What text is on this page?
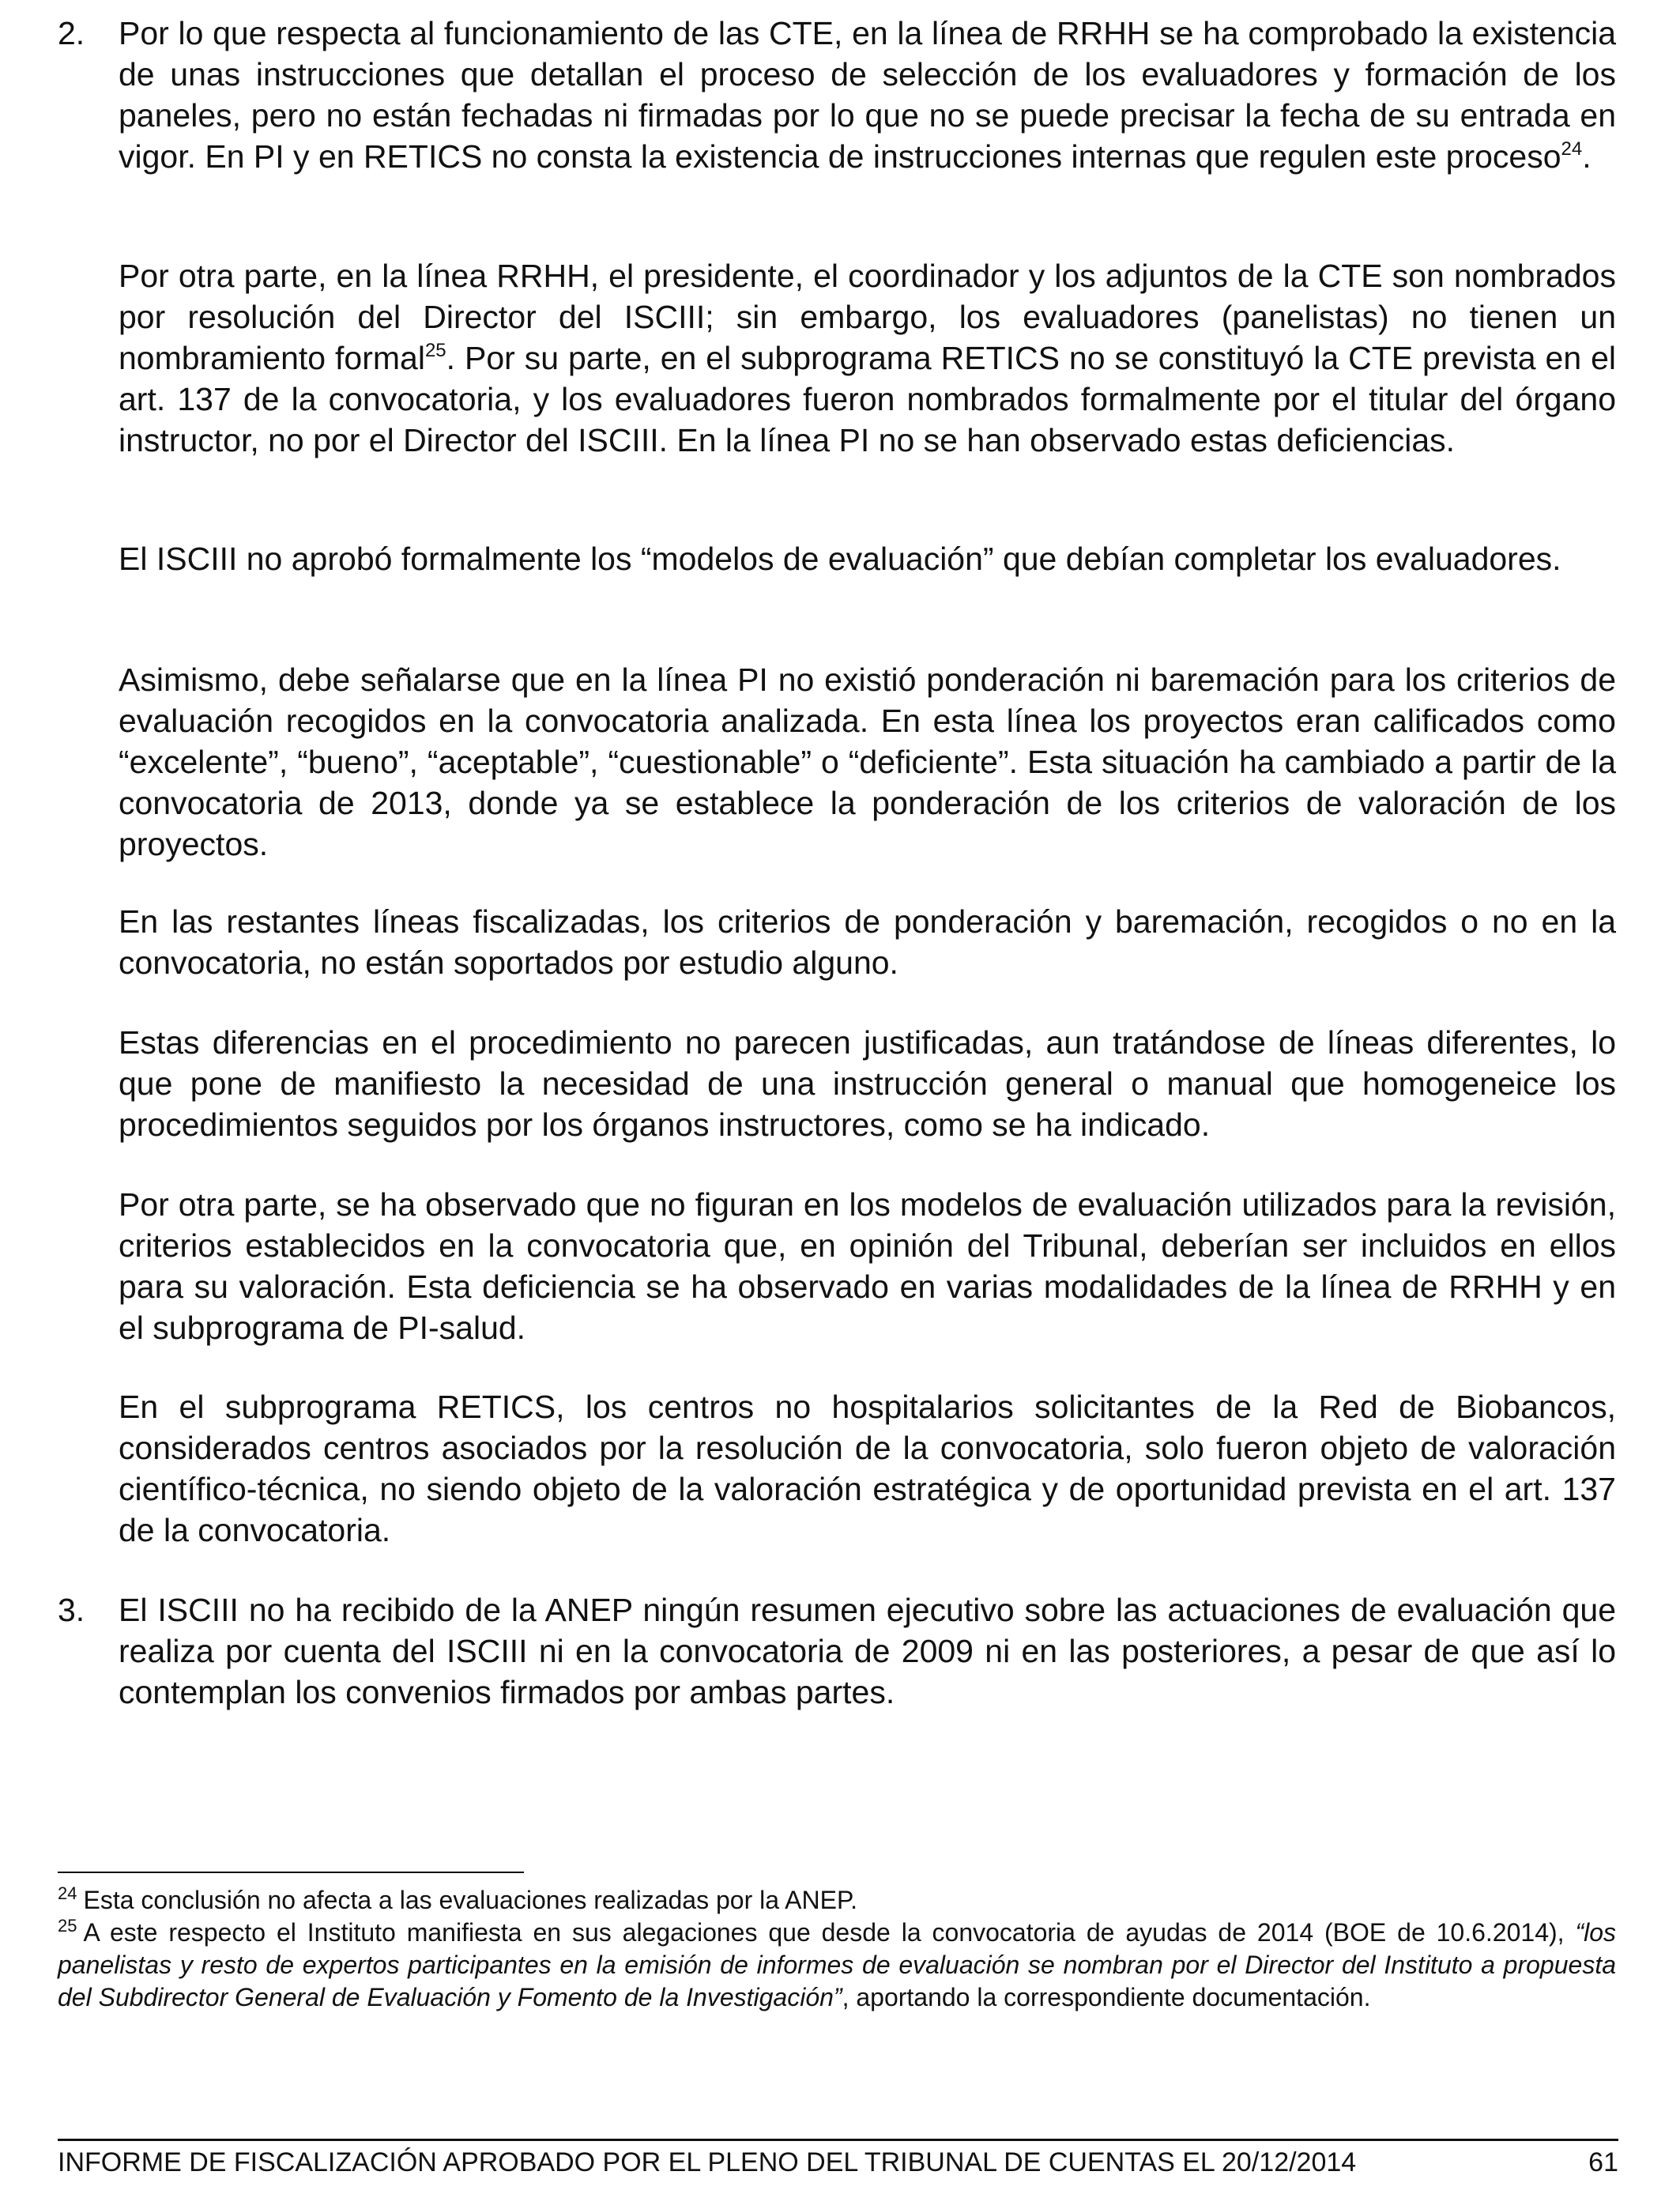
2. Por lo que respecta al funcionamiento de las CTE, en la línea de RRHH se ha comprobado la existencia de unas instrucciones que detallan el proceso de selección de los evaluadores y formación de los paneles, pero no están fechadas ni firmadas por lo que no se puede precisar la fecha de su entrada en vigor. En PI y en RETICS no consta la existencia de instrucciones internas que regulen este proceso$^{24}$.

Por otra parte, en la línea RRHH, el presidente, el coordinador y los adjuntos de la CTE son nombrados por resolución del Director del ISCIII; sin embargo, los evaluadores (panelistas) no tienen un nombramiento formal$^{25}$. Por su parte, en el subprograma RETICS no se constituyó la CTE prevista en el art. 137 de la convocatoria, y los evaluadores fueron nombrados formalmente por el titular del órgano instructor, no por el Director del ISCIII. En la línea PI no se han observado estas deficiencias.

El ISCIII no aprobó formalmente los “modelos de evaluación” que debían completar los evaluadores.

Asimismo, debe señalarse que en la línea PI no existió ponderación ni baremación para los criterios de evaluación recogidos en la convocatoria analizada. En esta línea los proyectos eran calificados como “excelente”, “bueno”, “aceptable”, “cuestionable” o “deficiente”. Esta situación ha cambiado a partir de la convocatoria de 2013, donde ya se establece la ponderación de los criterios de valoración de los proyectos.

En las restantes líneas fiscalizadas, los criterios de ponderación y baremación, recogidos o no en la convocatoria, no están soportados por estudio alguno.

Estas diferencias en el procedimiento no parecen justificadas, aun tratándose de líneas diferentes, lo que pone de manifiesto la necesidad de una instrucción general o manual que homogeneice los procedimientos seguidos por los órganos instructores, como se ha indicado.

Por otra parte, se ha observado que no figuran en los modelos de evaluación utilizados para la revisión, criterios establecidos en la convocatoria que, en opinión del Tribunal, deberían ser incluidos en ellos para su valoración. Esta deficiencia se ha observado en varias modalidades de la línea de RRHH y en el subprograma de PI-salud.

En el subprograma RETICS, los centros no hospitalarios solicitantes de la Red de Biobancos, considerados centros asociados por la resolución de la convocatoria, solo fueron objeto de valoración científico-técnica, no siendo objeto de la valoración estratégica y de oportunidad prevista en el art. 137 de la convocatoria.

3. El ISCIII no ha recibido de la ANEP ningún resumen ejecutivo sobre las actuaciones de evaluación que realiza por cuenta del ISCIII ni en la convocatoria de 2009 ni en las posteriores, a pesar de que así lo contemplan los convenios firmados por ambas partes.

$^{24}$ Esta conclusión no afecta a las evaluaciones realizadas por la ANEP.

$^{25}$ A este respecto el Instituto manifiesta en sus alegaciones que desde la convocatoria de ayudas de 2014 (BOE de 10.6.2014), “los panelistas y resto de expertos participantes en la emisión de informes de evaluación se nombran por el Director del Instituto a propuesta del Subdirector General de Evaluación y Fomento de la Investigación”, aportando la correspondiente documentación.

INFORME DE FISCALIZACIÓN APROBADO POR EL PLENO DEL TRIBUNAL DE CUENTAS EL 20/12/2014	61
